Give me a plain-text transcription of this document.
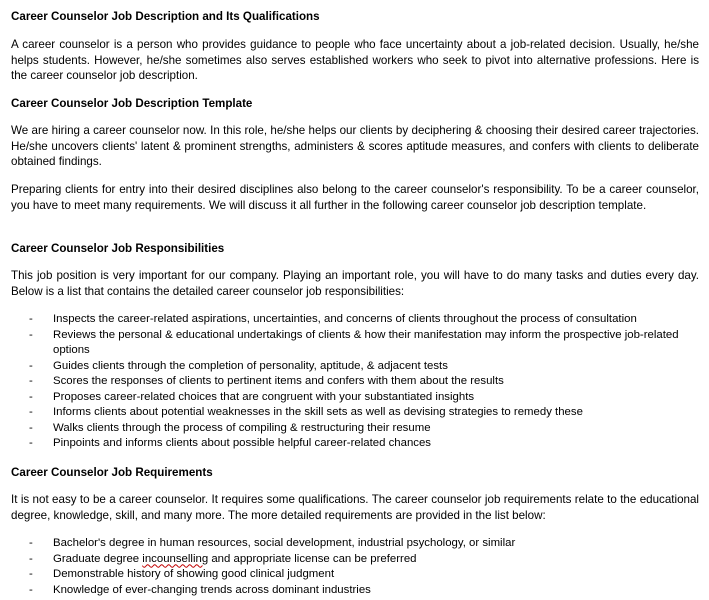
Career Counselor Job Description and Its Qualifications

A career counselor is a person who provides guidance to people who face uncertainty about a job-related decision. Usually, he/she helps students. However, he/she sometimes also serves established workers who seek to pivot into alternative professions. Here is the career counselor job description.

Career Counselor Job Description Template

We are hiring a career counselor now. In this role, he/she helps our clients by deciphering & choosing their desired career trajectories. He/she uncovers clients' latent & prominent strengths, administers & scores aptitude measures, and confers with clients to deliberate obtained findings.

Preparing clients for entry into their desired disciplines also belong to the career counselor's responsibility. To be a career counselor, you have to meet many requirements. We will discuss it all further in the following career counselor job description template.

Career Counselor Job Responsibilities

This job position is very important for our company. Playing an important role, you will have to do many tasks and duties every day. Below is a list that contains the detailed career counselor job responsibilities:

- Inspects the career-related aspirations, uncertainties, and concerns of clients throughout the process of consultation
- Reviews the personal & educational undertakings of clients & how their manifestation may inform the prospective job-related options
- Guides clients through the completion of personality, aptitude, & adjacent tests
- Scores the responses of clients to pertinent items and confers with them about the results
- Proposes career-related choices that are congruent with your substantiated insights
- Informs clients about potential weaknesses in the skill sets as well as devising strategies to remedy these
- Walks clients through the process of compiling & restructuring their resume
- Pinpoints and informs clients about possible helpful career-related chances
Career Counselor Job Requirements

It is not easy to be a career counselor. It requires some qualifications. The career counselor job requirements relate to the educational degree, knowledge, skill, and many more. The more detailed requirements are provided in the list below:

- Bachelor's degree in human resources, social development, industrial psychology, or similar
- Graduate degree incounselling and appropriate license can be preferred
- Demonstrable history of showing good clinical judgment
- Knowledge of ever-changing trends across dominant industries
